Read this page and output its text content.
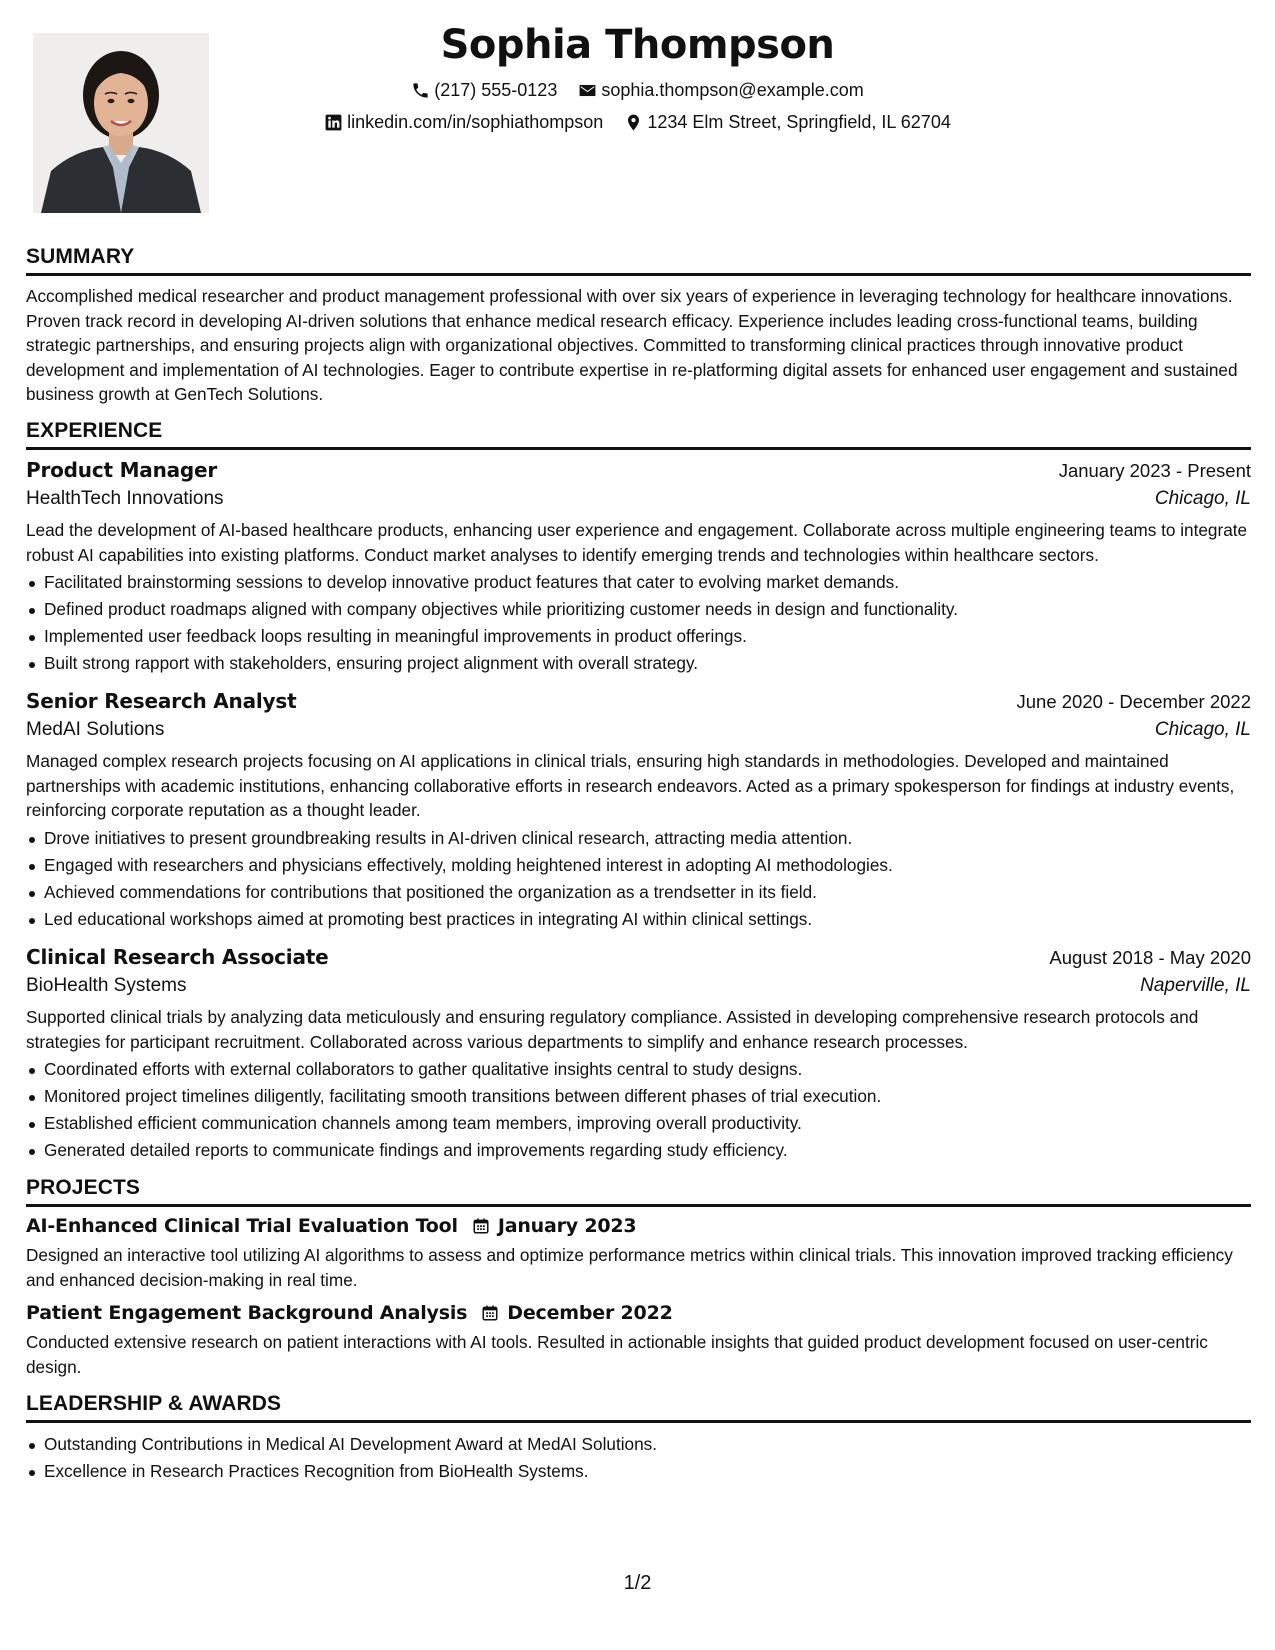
Sophia Thompson
(217) 555-0123
sophia.thompson@example.com
linkedin.com/in/sophiathompson
1234 Elm Street, Springfield, IL 62704
SUMMARY
Accomplished medical researcher and product management professional with over six years of experience in leveraging technology for healthcare innovations. Proven track record in developing AI-driven solutions that enhance medical research efficacy. Experience includes leading cross-functional teams, building strategic partnerships, and ensuring projects align with organizational objectives. Committed to transforming clinical practices through innovative product development and implementation of AI technologies. Eager to contribute expertise in re-platforming digital assets for enhanced user engagement and sustained business growth at GenTech Solutions.
EXPERIENCE
Product Manager	January 2023 - Present
HealthTech Innovations	Chicago, IL
Lead the development of AI-based healthcare products, enhancing user experience and engagement. Collaborate across multiple engineering teams to integrate robust AI capabilities into existing platforms. Conduct market analyses to identify emerging trends and technologies within healthcare sectors.
Facilitated brainstorming sessions to develop innovative product features that cater to evolving market demands.
Defined product roadmaps aligned with company objectives while prioritizing customer needs in design and functionality.
Implemented user feedback loops resulting in meaningful improvements in product offerings.
Built strong rapport with stakeholders, ensuring project alignment with overall strategy.
Senior Research Analyst	June 2020 - December 2022
MedAI Solutions	Chicago, IL
Managed complex research projects focusing on AI applications in clinical trials, ensuring high standards in methodologies. Developed and maintained partnerships with academic institutions, enhancing collaborative efforts in research endeavors. Acted as a primary spokesperson for findings at industry events, reinforcing corporate reputation as a thought leader.
Drove initiatives to present groundbreaking results in AI-driven clinical research, attracting media attention.
Engaged with researchers and physicians effectively, molding heightened interest in adopting AI methodologies.
Achieved commendations for contributions that positioned the organization as a trendsetter in its field.
Led educational workshops aimed at promoting best practices in integrating AI within clinical settings.
Clinical Research Associate	August 2018 - May 2020
BioHealth Systems	Naperville, IL
Supported clinical trials by analyzing data meticulously and ensuring regulatory compliance. Assisted in developing comprehensive research protocols and strategies for participant recruitment. Collaborated across various departments to simplify and enhance research processes.
Coordinated efforts with external collaborators to gather qualitative insights central to study designs.
Monitored project timelines diligently, facilitating smooth transitions between different phases of trial execution.
Established efficient communication channels among team members, improving overall productivity.
Generated detailed reports to communicate findings and improvements regarding study efficiency.
PROJECTS
AI-Enhanced Clinical Trial Evaluation Tool January 2023
Designed an interactive tool utilizing AI algorithms to assess and optimize performance metrics within clinical trials. This innovation improved tracking efficiency and enhanced decision-making in real time.
Patient Engagement Background Analysis December 2022
Conducted extensive research on patient interactions with AI tools. Resulted in actionable insights that guided product development focused on user-centric design.
LEADERSHIP & AWARDS
Outstanding Contributions in Medical AI Development Award at MedAI Solutions.
Excellence in Research Practices Recognition from BioHealth Systems.
1/2
